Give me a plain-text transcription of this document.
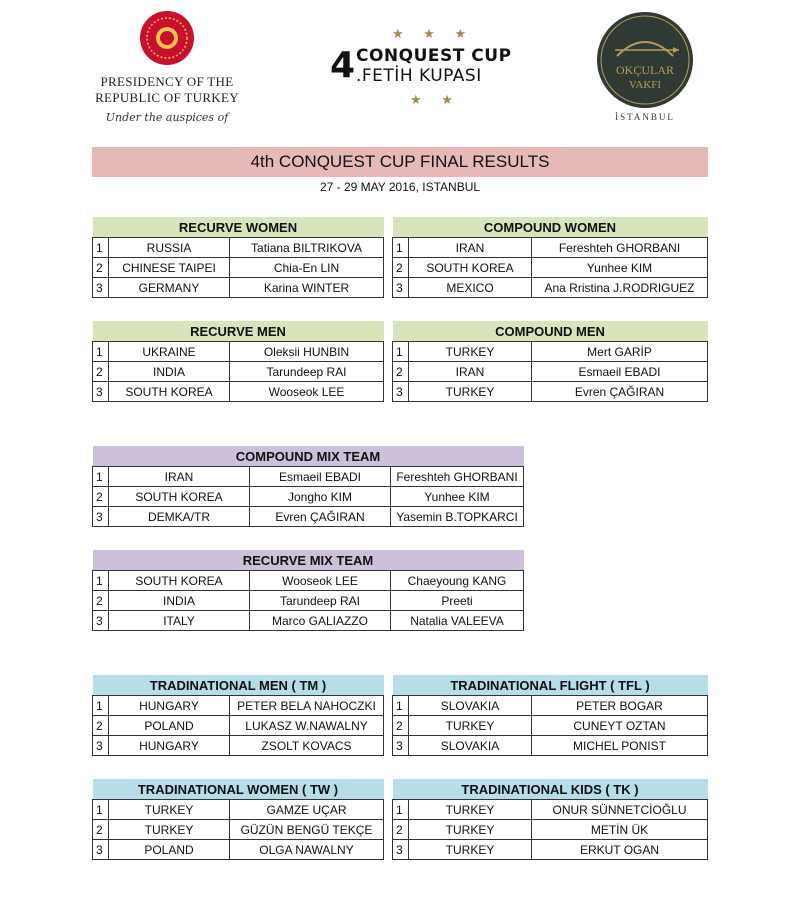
PRESIDENCY OF THE
REPUBLIC OF TURKEY
Under the auspices of
★ ★ ★
4 CONQUEST CUP
.FETİH KUPASI
★ ★
OKÇULAR
VAKFI
İSTANBUL
4th CONQUEST CUP FINAL RESULTS
27 - 29 MAY 2016, ISTANBUL
RECURVE WOMEN		
1	RUSSIA	Tatiana BILTRIKOVA
2	CHINESE TAIPEI	Chia-En LIN
3	GERMANY	Karina WINTER
COMPOUND WOMEN		
1	IRAN	Fereshteh GHORBANI
2	SOUTH KOREA	Yunhee KIM
3	MEXICO	Ana Rristina J.RODRIGUEZ
RECURVE MEN		
1	UKRAINE	Oleksii HUNBIN
2	INDIA	Tarundeep RAI
3	SOUTH KOREA	Wooseok LEE
COMPOUND MEN		
1	TURKEY	Mert GARİP
2	IRAN	Esmaeil EBADI
3	TURKEY	Evren ÇAĞIRAN
COMPOUND MIX TEAM			
1	IRAN	Esmaeil EBADI	Fereshteh GHORBANI
2	SOUTH KOREA	Jongho KIM	Yunhee KIM
3	DEMKA/TR	Evren ÇAĞIRAN	Yasemin B.TOPKARCI
RECURVE MIX TEAM			
1	SOUTH KOREA	Wooseok LEE	Chaeyoung KANG
2	INDIA	Tarundeep RAI	Preeti
3	ITALY	Marco GALIAZZO	Natalia VALEEVA
TRADINATIONAL MEN ( TM )		
1	HUNGARY	PETER BELA NAHOCZKI
2	POLAND	LUKASZ W.NAWALNY
3	HUNGARY	ZSOLT KOVACS
TRADINATIONAL FLIGHT ( TFL )		
1	SLOVAKIA	PETER BOGAR
2	TURKEY	CUNEYT OZTAN
3	SLOVAKIA	MICHEL PONIST
TRADINATIONAL WOMEN ( TW )		
1	TURKEY	GAMZE UÇAR
2	TURKEY	GÜZÜN BENGÜ TEKÇE
3	POLAND	OLGA NAWALNY
TRADINATIONAL KIDS ( TK )		
1	TURKEY	ONUR SÜNNETCİOĞLU
2	TURKEY	METİN ÜK
3	TURKEY	ERKUT OGAN
